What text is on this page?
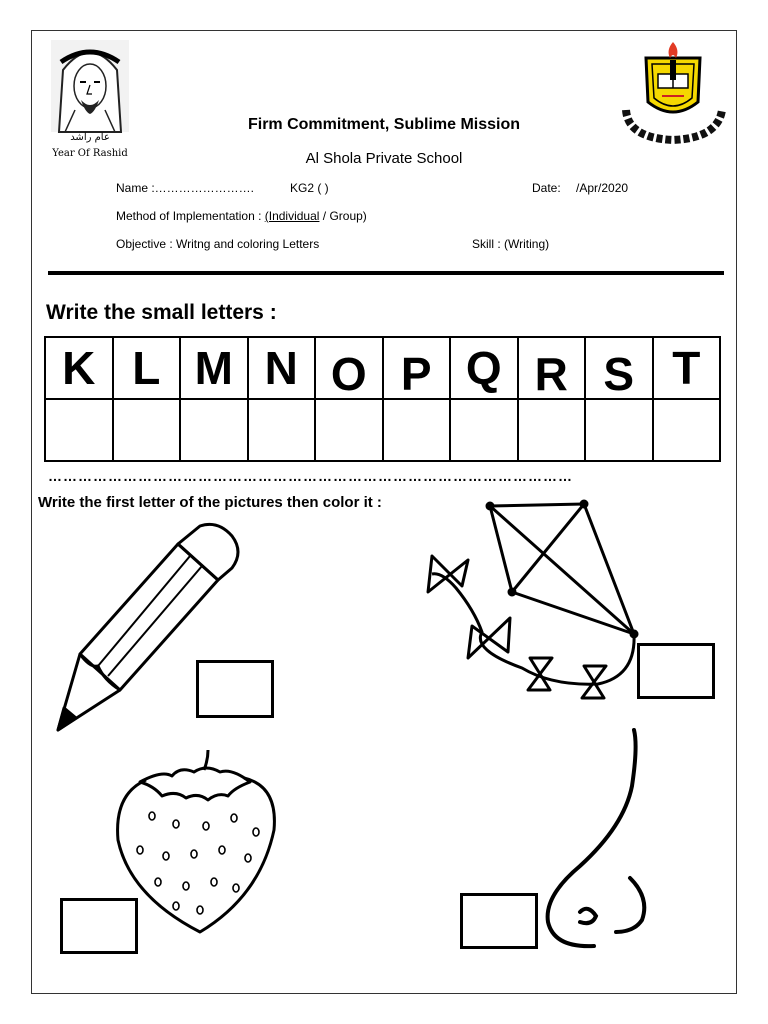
عام راشد
Year Of Rashid
Firm Commitment, Sublime Mission
Al Shola Private School
Name :…………………….	KG2 ( )	Date: /Apr/2020
Method of Implementation : (Individual / Group)
Objective : Writng and coloring Letters	Skill : (Writing)
Write the small letters :
K	L	M	N	O	P	Q	R	S	T

……………………………………………………………………………………………
Write the first letter of the pictures then color it :
